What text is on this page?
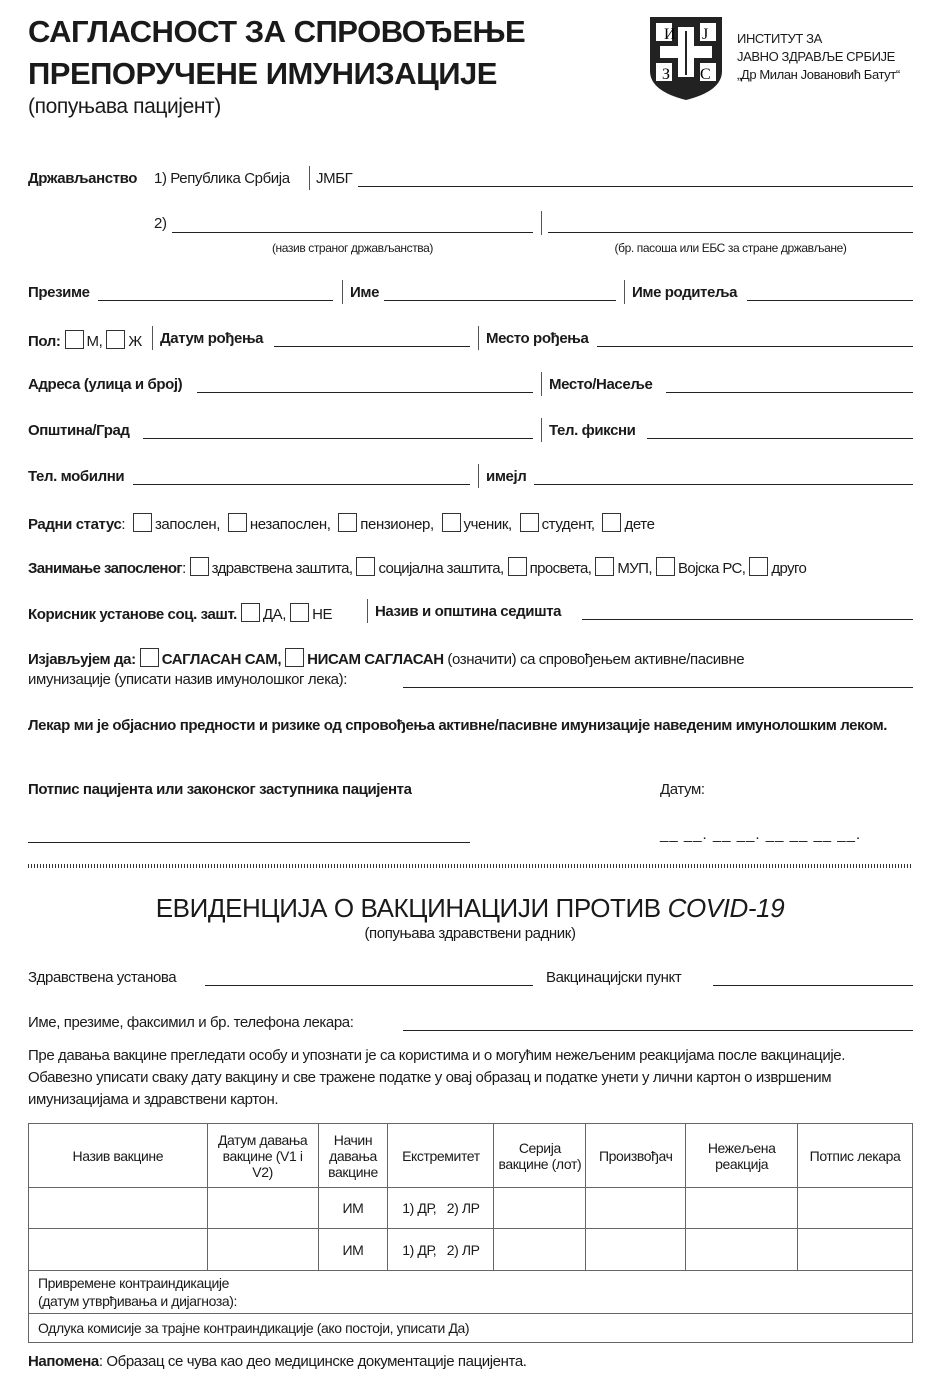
САГЛАСНОСТ ЗА СПРОВОЂЕЊЕ
ПРЕПОРУЧЕНЕ ИМУНИЗАЦИЈЕ
(попуњава пацијент)
И Ј
З С
ИНСТИТУТ ЗА
ЈАВНО ЗДРАВЉЕ СРБИЈЕ
„Др Милан Јовановић Батут“
Држављанство 1) Република Србија ЈМБГ
2)
(назив страног држављанства)	(бр. пасоша или ЕБС за стране држављане)
Презиме	Име	Име родитеља
Пол: М, Ж Датум рођења	Место рођења
Адреса (улица и број)	Место/Насеље
Општина/Град	Тел. фиксни
Тел. мобилни	имејл
Радни статус: запослен, незапослен, пензионер, ученик, студент, дете
Занимање запосленог: здравствена заштита, социјална заштита, просвета, МУП, Војска РС, друго
Корисник установе соц. зашт. ДА, НЕ	Назив и општина седишта
Изјављујем да: САГЛАСАН САМ, НИСАМ САГЛАСАН (означити) са спровођењем активне/пасивне
имунизације (уписати назив имунолошког лека):
Лекар ми је објаснио предности и ризике од спровођења активне/пасивне имунизације наведеним имунолошким леком.
Потпис пацијента или законског заступника пацијента	Датум:
__ __. __ __. __ __ __ __.
ЕВИДЕНЦИЈА О ВАКЦИНАЦИЈИ ПРОТИВ COVID-19
(попуњава здравствени радник)
Здравствена установа	Вакцинацијски пункт
Име, презиме, факсимил и бр. телефона лекара:
Пре давања вакцине прегледати особу и упознати је са користима и о могућим нежељеним реакцијама после вакцинације. Обавезно уписати сваку дату вакцину и све тражене податке у овај образац и податке унети у лични картон о извршеним имунизацијама и здравствени картон.
Назив вакцине	Датум давања вакцине (V1 i V2)	Начин давања вакцине	Екстремитет	Серија вакцине (лот)	Произвођач	Нежељена реакција	Потпис лекара
		ИМ	1) ДР,   2) ЛР				
		ИМ	1) ДР,   2) ЛР				

Привремене контраиндикације
(датум утврђивања и дијагноза):							

Одлука комисије за трајне контраиндикације (ако постоји, уписати Да)							
Напомена: Образац се чува као део медицинске документације пацијента.
